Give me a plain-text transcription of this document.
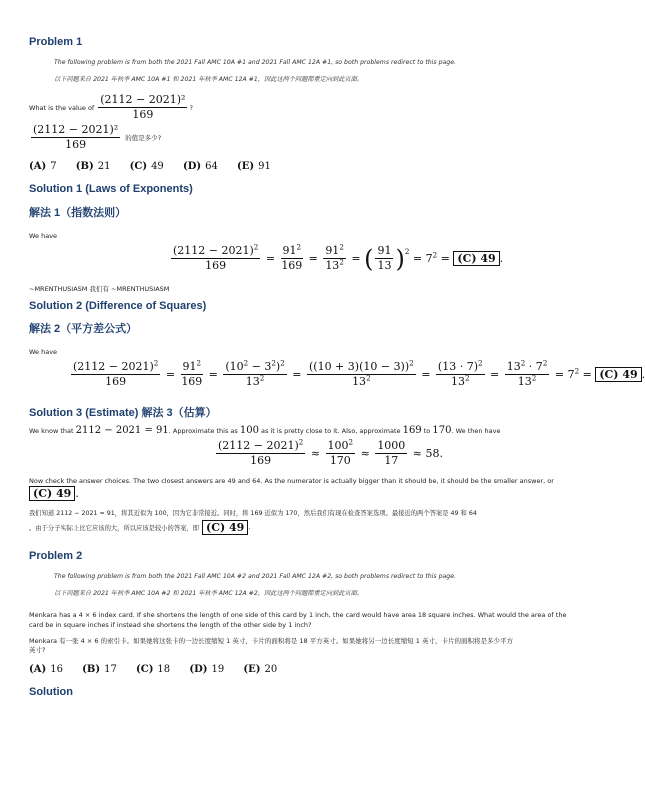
Problem 1
The following problem is from both the 2021 Fall AMC 10A #1 and 2021 Fall AMC 12A #1, so both problems redirect to this page.
以下问题来自 2021 年秋季 AMC 10A #1 和 2021 年秋季 AMC 12A #1，因此这两个问题都重定向到此页面。
What is the value of $\frac{\text{(2112 − 2021)²}}{169}$ ?
$\frac{\text{(2112 − 2021)²}}{169}$ 的值是多少?
(A) 7 (B) 21 (C) 49 (D) 64 (E) 91
Solution 1 (Laws of Exponents)
解法 1（指数法则）
We have
$\frac{(2112 - 2021)^2}{169} = \frac{91^2}{169} = \frac{91^2}{13^2}$ = ( $\frac{91}{13}$ ) 2
= $7^2 = (C)$ 49 .
~MRENTHUSIASM 我们有 ~MRENTHUSIASM
Solution 2 (Difference of Squares)
解法 2（平方差公式）
We have
$\frac{(2112 - 2021)^2}{169} = \frac{91^2}{169} = \frac{(10^2 - 3^2)^2}{13^2} = \frac{((10 + 3)(10 - 3))^2}{13^2} = \frac{(13 \cdot 7)^2}{13^2} = \frac{13^2 \cdot 7^2}{13^2} = 7^2 = (C)$ 49 .
Solution 3 (Estimate) 解法 3（估算）
We know that
2112 − 2021 = 91 . Approximate this as
100
as it is pretty close to it. Also, approximate
169
to
170 . We then have
$\frac{(2112 - 2021)^2}{169} \approx \frac{100^2}{170} \approx \frac{1000}{17} \approx 58$.
Now check the answer choices. The two closest answers are 49 and 64. As the numerator is actually bigger than it should be, it should be the smaller answer, or
(C) 49 .
我们知道 2112 − 2021 = 91，将其近似为 100，因为它非常接近。同时，将 169 近似为 170，然后我们有现在检查答案选项。最接近的两个答案是 49 和 64
。由于分子实际上比它应该的大，所以应该是较小的答案，即 (C) 49 .
Problem 2
The following problem is from both the 2021 Fall AMC 10A #2 and 2021 Fall AMC 12A #2, so both problems redirect to this page.
以下问题来自 2021 年秋季 AMC 10A #2 和 2021 年秋季 AMC 12A #2，因此这两个问题都重定向到此页面。
Menkara has a 4 × 6 index card. If she shortens the length of one side of this card by 1 inch, the card would have area 18 square inches. What would the area of the
card be in square inches if instead she shortens the length of the other side by 1 inch?
Menkara 有一张 4 × 6 的索引卡。如果她将这张卡的一边长度缩短 1 英寸，卡片的面积将是 18 平方英寸。如果她将另一边长度缩短 1 英寸，卡片的面积将是多少平方
英寸?
(A) 16 (B) 17 (C) 18 (D) 19 (E) 20
Solution
